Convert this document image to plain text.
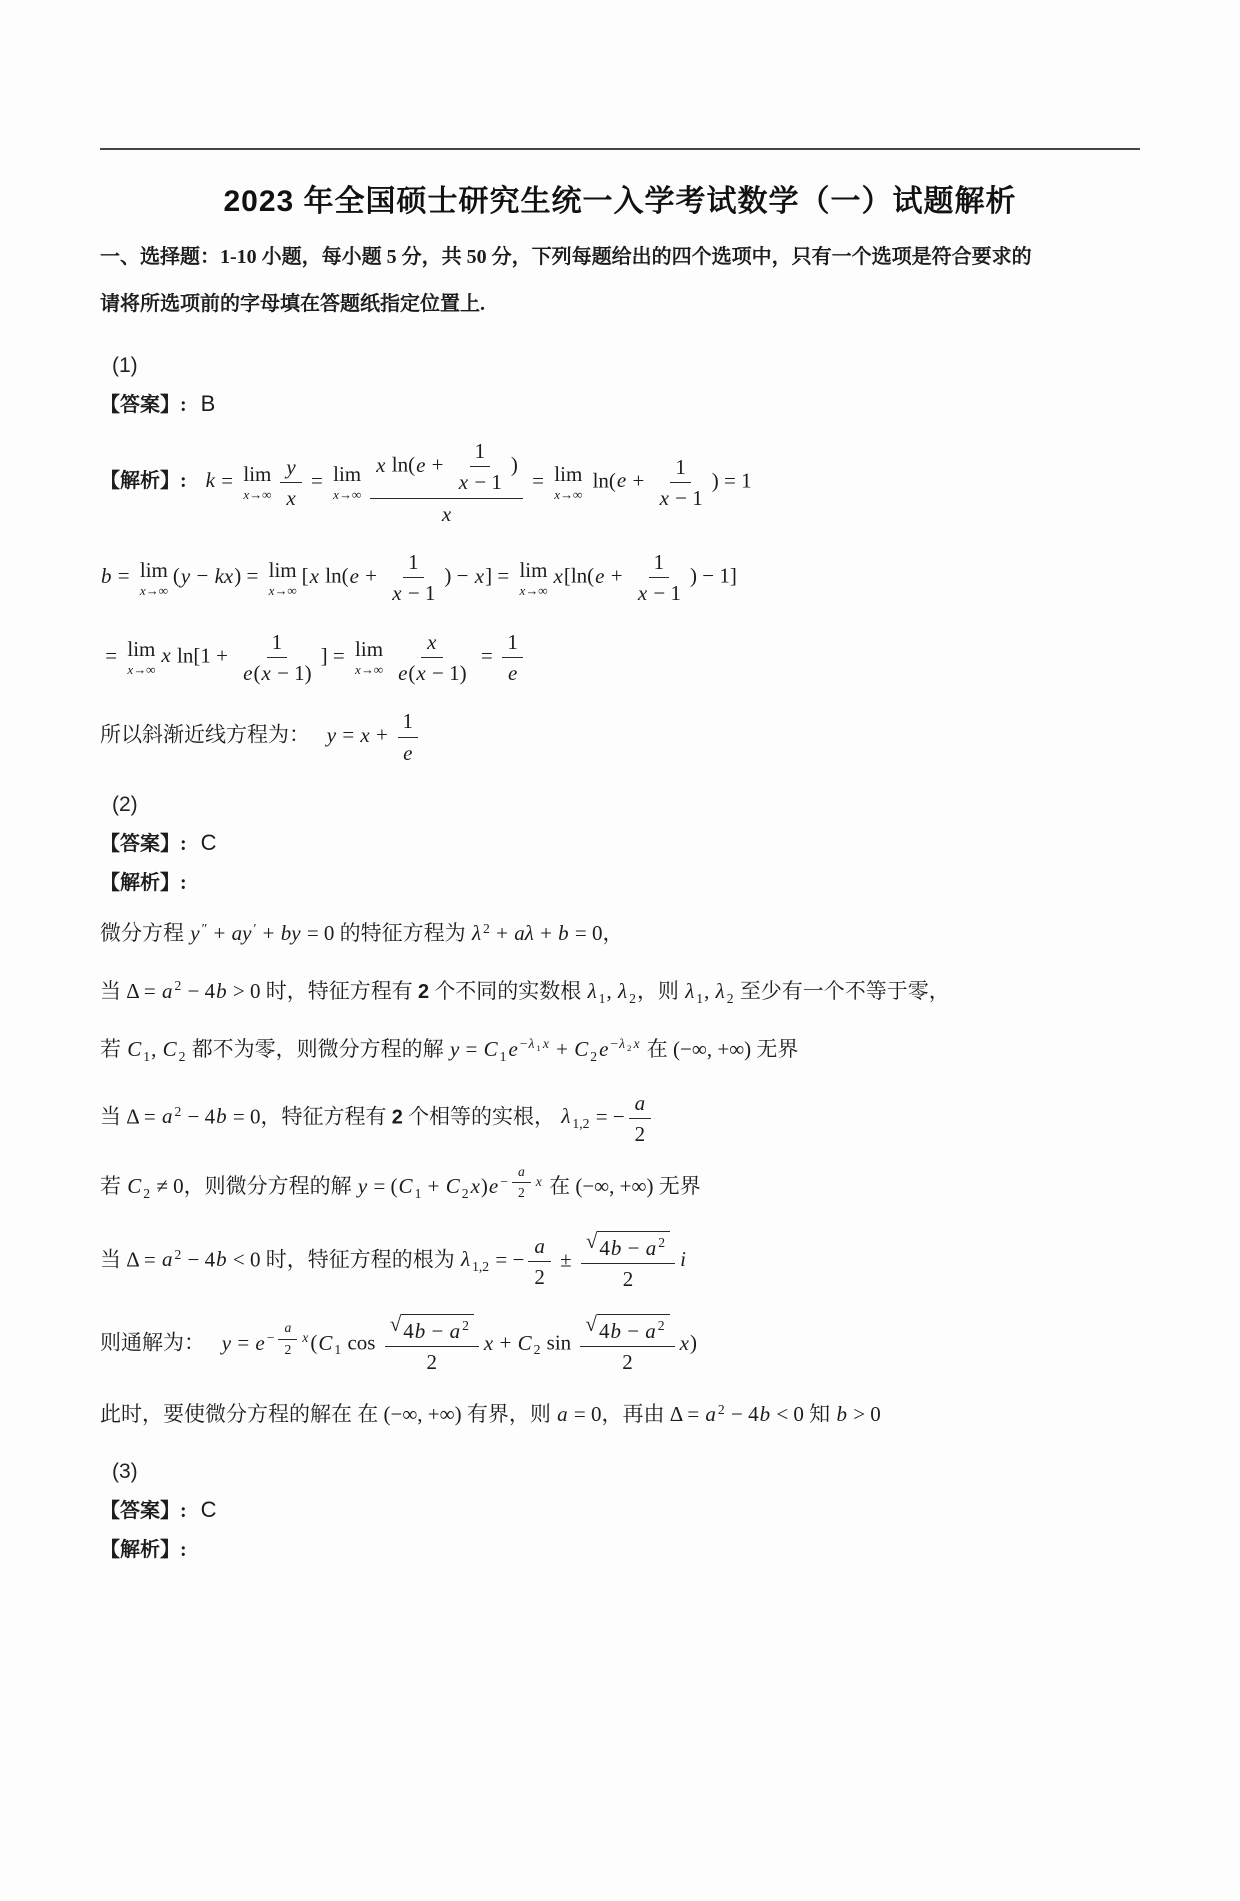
2023 年全国硕士研究生统一入学考试数学（一）试题解析

一、选择题：1-10 小题，每小题 5 分，共 50 分，下列每题给出的四个选项中，只有一个选项是符合要求的

请将所选项前的字母填在答题纸指定位置上.

(1)
【答案】: B
【解析】: k = lim
$x\to\infty \frac{y}{x} = \lim$
$x\to\infty \frac{x \ln(e + \frac{1}{x - 1} )}{x} = \lim$
x→∞
$\ln(e + \frac{1}{x - 1}$ ) = 1
b = lim
x→∞
(y − kx) = lim
x→∞
[x $\ln(e + \frac{1}{x - 1}$ ) − x] = lim
x→∞
$x[\ln(e + \frac{1}{x - 1}$ ) − 1]
= lim
x→∞
x $\ln[1 + \frac{1}{e(x - 1)}$ ] = lim
$x\to\infty \frac{x}{e(x - 1)} = \frac{1}{e}$
所以斜渐近线方程为：   $y = x + \frac{1}{e}$
(2)
【答案】: C
【解析】:
微分方程 y ″ + ay ′ + by = 0 的特征方程为 λ 2 + aλ + b = 0，
当 Δ = a 2 − 4b > 0 时，特征方程有 2 个不同的实数根 λ 1, λ 2，则 λ 1, λ 2 至少有一个不等于零，
若 C 1, C 2 都不为零，则微分方程的解 y = C 1e −λ 1 x + C 2e −λ 2 x 在 (−∞, +∞) 无界
当 Δ = a 2 − 4b = 0，特征方程有 2 个相等的实根， λ 1,2 = − $\frac{a}{2}$
若 C 2 ≠ 0，则微分方程的解 y = (C 1 + C $2x)e - \frac{a}{2}$ x 在 (−∞, +∞) 无界
当 Δ = a 2 − 4b < 0 时，特征方程的根为 λ 1,2 = − $\frac{a}{2} \pm \frac{√ 4b - a 2}{2}$ i
则通解为：   $y = e - \frac{a}{2} x(C$ 1 $\cos \frac{√ 4b - a 2}{2}$ x + C 2 $\sin \frac{√ 4b - a 2}{2} x$)
此时，要使微分方程的解在 在 (−∞, +∞) 有界，则 a = 0，再由 Δ = a 2 − 4b < 0 知 b > 0
(3)
【答案】: C
【解析】:
